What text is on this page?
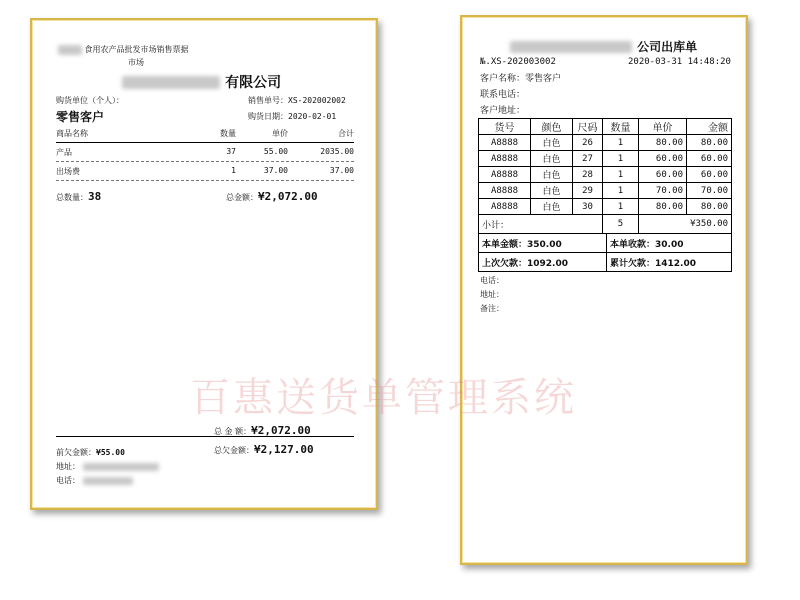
食用农产品批发市场销售票据
市场
有限公司
购货单位（个人）：	销售单号：XS-202002002
零售客户	购货日期：2020-02-01
商品名称	数量	单价	合计
产品	37	55.00	2035.00
出场费	1	37.00	37.00
总数量：38	总金额：¥2,072.00
总 金 额：¥2,072.00
前欠金额：¥55.00	总欠金额：¥2,127.00
地址：
电话：
公司出库单
№.XS-202003002	2020-03-31 14:48:20
客户名称：零售客户
联系电话：
客户地址：
货号	颜色	尺码	数量	单价	金额
A8888	白色	26	1	80.00	80.00
A8888	白色	27	1	60.00	60.00
A8888	白色	28	1	60.00	60.00
A8888	白色	29	1	70.00	70.00
A8888	白色	30	1	80.00	80.00
小计：			5	¥350.00	
本单金额：350.00	本单收款：30.00
上次欠款：1092.00	累计欠款：1412.00
电话：
地址：
备注：
百惠送货单管理系统
